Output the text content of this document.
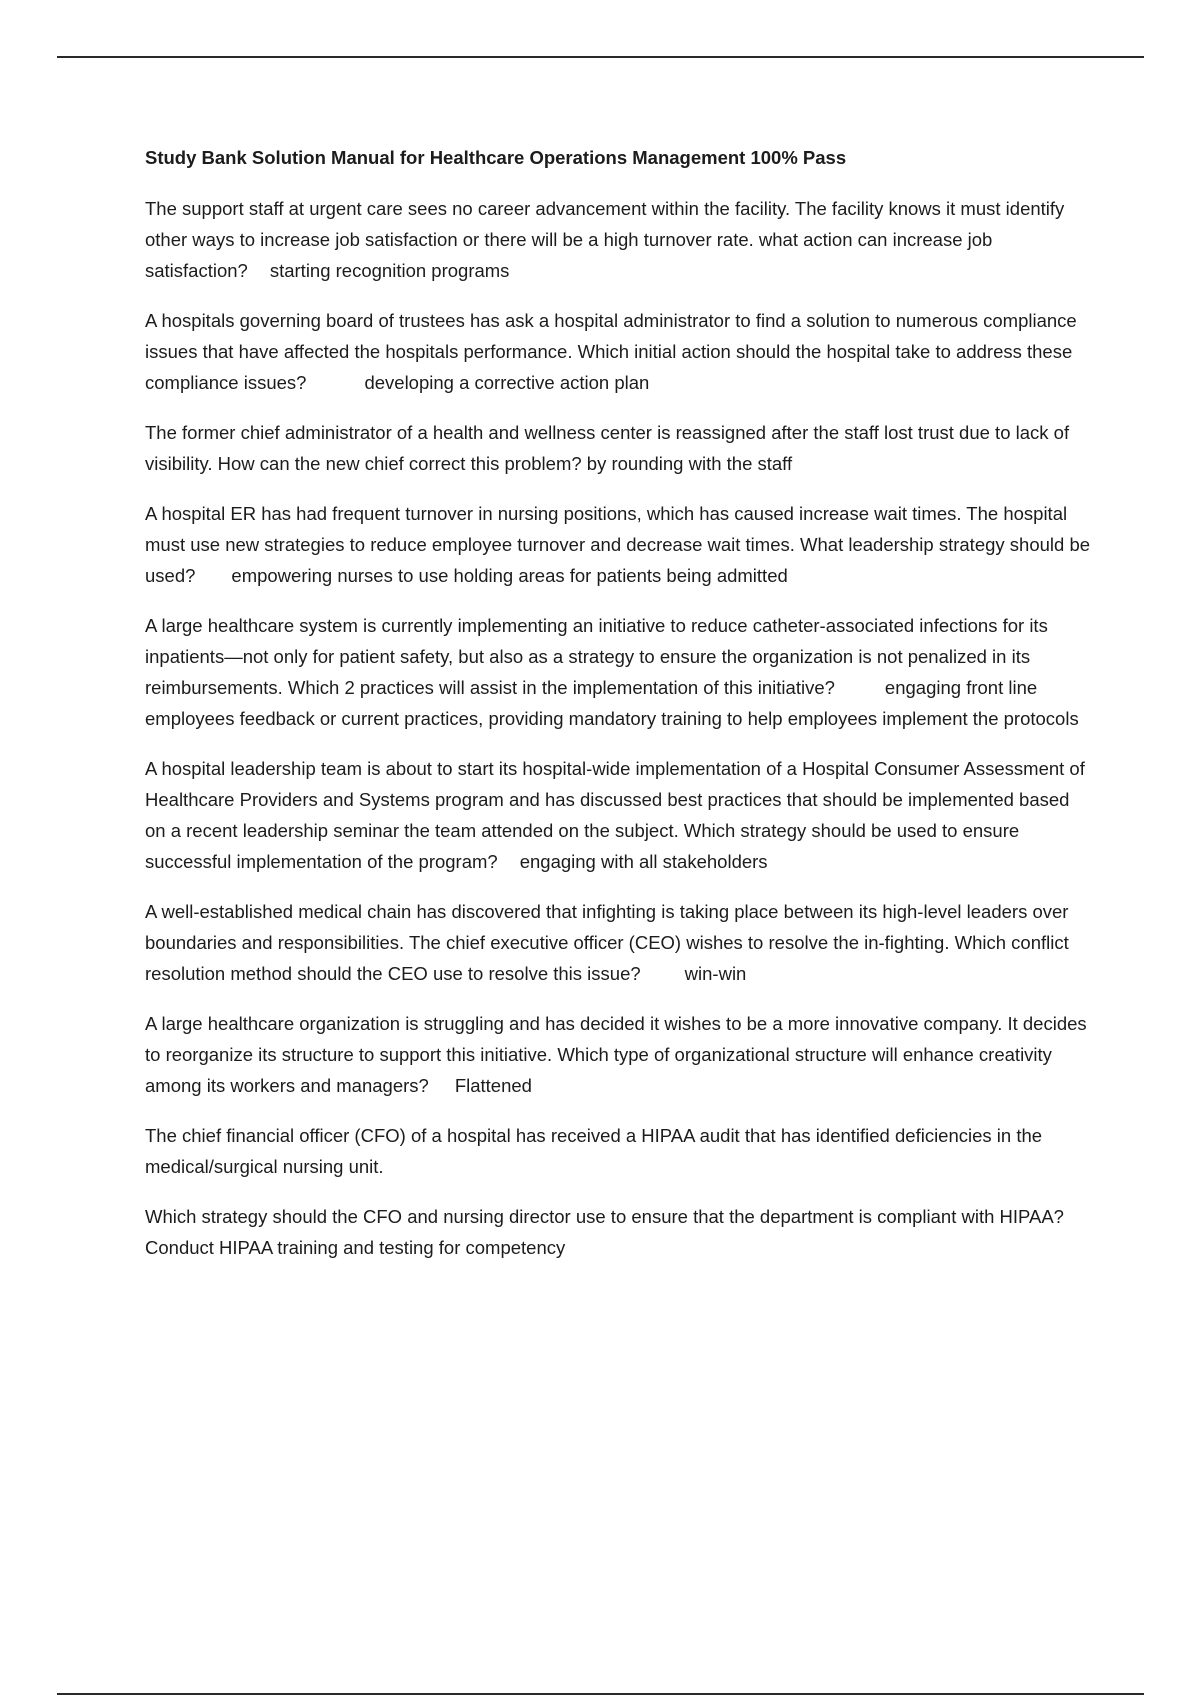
Study Bank Solution Manual for Healthcare Operations Management 100% Pass

The support staff at urgent care sees no career advancement within the facility. The facility knows it must identify other ways to increase job satisfaction or there will be a high turnover rate. what action can increase job satisfaction? starting recognition programs

A hospitals governing board of trustees has ask a hospital administrator to find a solution to numerous compliance issues that have affected the hospitals performance. Which initial action should the hospital take to address these compliance issues?	developing a corrective action plan

The former chief administrator of a health and wellness center is reassigned after the staff lost trust due to lack of visibility. How can the new chief correct this problem? by rounding with the staff

A hospital ER has had frequent turnover in nursing positions, which has caused increase wait times. The hospital must use new strategies to reduce employee turnover and decrease wait times. What leadership strategy should be used? empowering nurses to use holding areas for patients being admitted

A large healthcare system is currently implementing an initiative to reduce catheter-associated infections for its inpatients—not only for patient safety, but also as a strategy to ensure the organization is not penalized in its reimbursements. Which 2 practices will assist in the implementation of this initiative?	engaging front line employees feedback or current practices, providing mandatory training to help employees implement the protocols

A hospital leadership team is about to start its hospital-wide implementation of a Hospital Consumer Assessment of Healthcare Providers and Systems program and has discussed best practices that should be implemented based on a recent leadership seminar the team attended on the subject. Which strategy should be used to ensure successful implementation of the program? engaging with all stakeholders

A well-established medical chain has discovered that infighting is taking place between its high-level leaders over boundaries and responsibilities. The chief executive officer (CEO) wishes to resolve the in-fighting. Which conflict resolution method should the CEO use to resolve this issue? win-win

A large healthcare organization is struggling and has decided it wishes to be a more innovative company. It decides to reorganize its structure to support this initiative. Which type of organizational structure will enhance creativity among its workers and managers? Flattened

The chief financial officer (CFO) of a hospital has received a HIPAA audit that has identified deficiencies in the medical/surgical nursing unit.

Which strategy should the CFO and nursing director use to ensure that the department is compliant with HIPAA? Conduct HIPAA training and testing for competency
